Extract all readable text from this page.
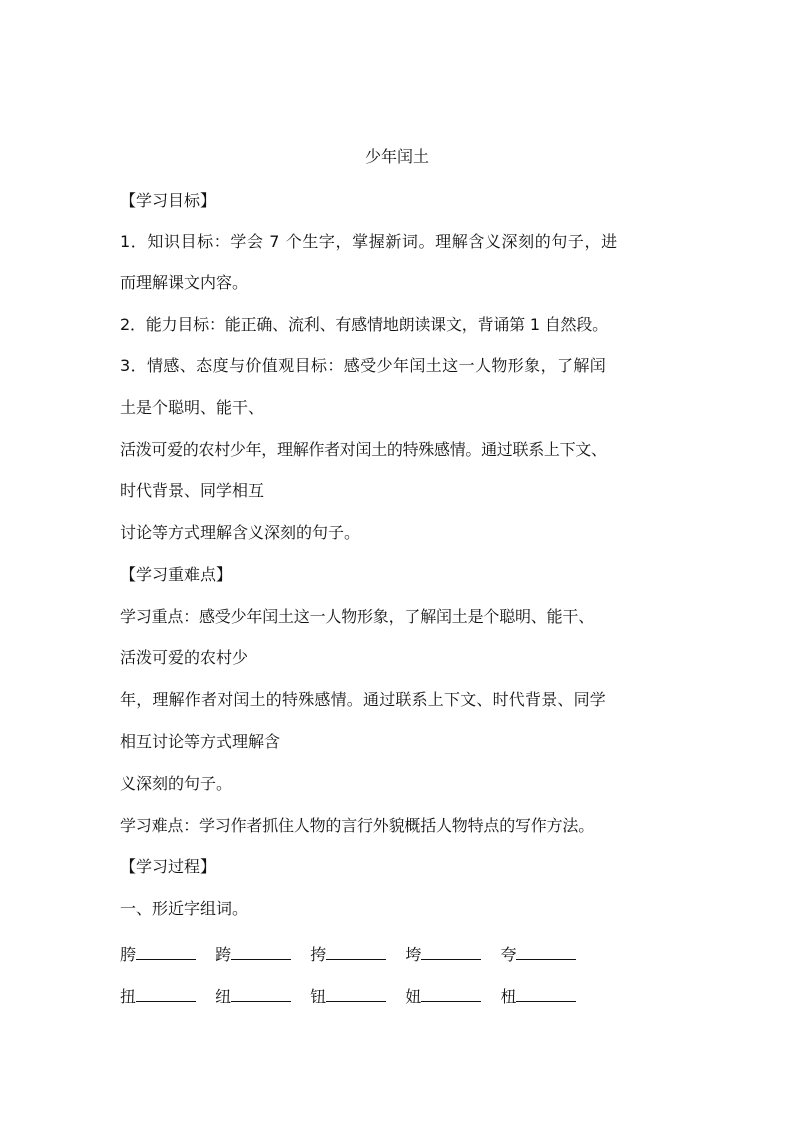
少年闰土
【学习目标】
1．知识目标：学会 7 个生字，掌握新词。理解含义深刻的句子，进
而理解课文内容。
2．能力目标：能正确、流利、有感情地朗读课文，背诵第 1 自然段。
3．情感、态度与价值观目标：感受少年闰土这一人物形象，了解闰
土是个聪明、能干、
活泼可爱的农村少年，理解作者对闰土的特殊感情。通过联系上下文、
时代背景、同学相互
讨论等方式理解含义深刻的句子。
【学习重难点】
学习重点：感受少年闰土这一人物形象，了解闰土是个聪明、能干、
活泼可爱的农村少
年，理解作者对闰土的特殊感情。通过联系上下文、时代背景、同学
相互讨论等方式理解含
义深刻的句子。
学习难点：学习作者抓住人物的言行外貌概括人物特点的写作方法。
【学习过程】
一、形近字组词。
胯	跨	挎	垮	夸
扭	纽	钮	妞	杻
